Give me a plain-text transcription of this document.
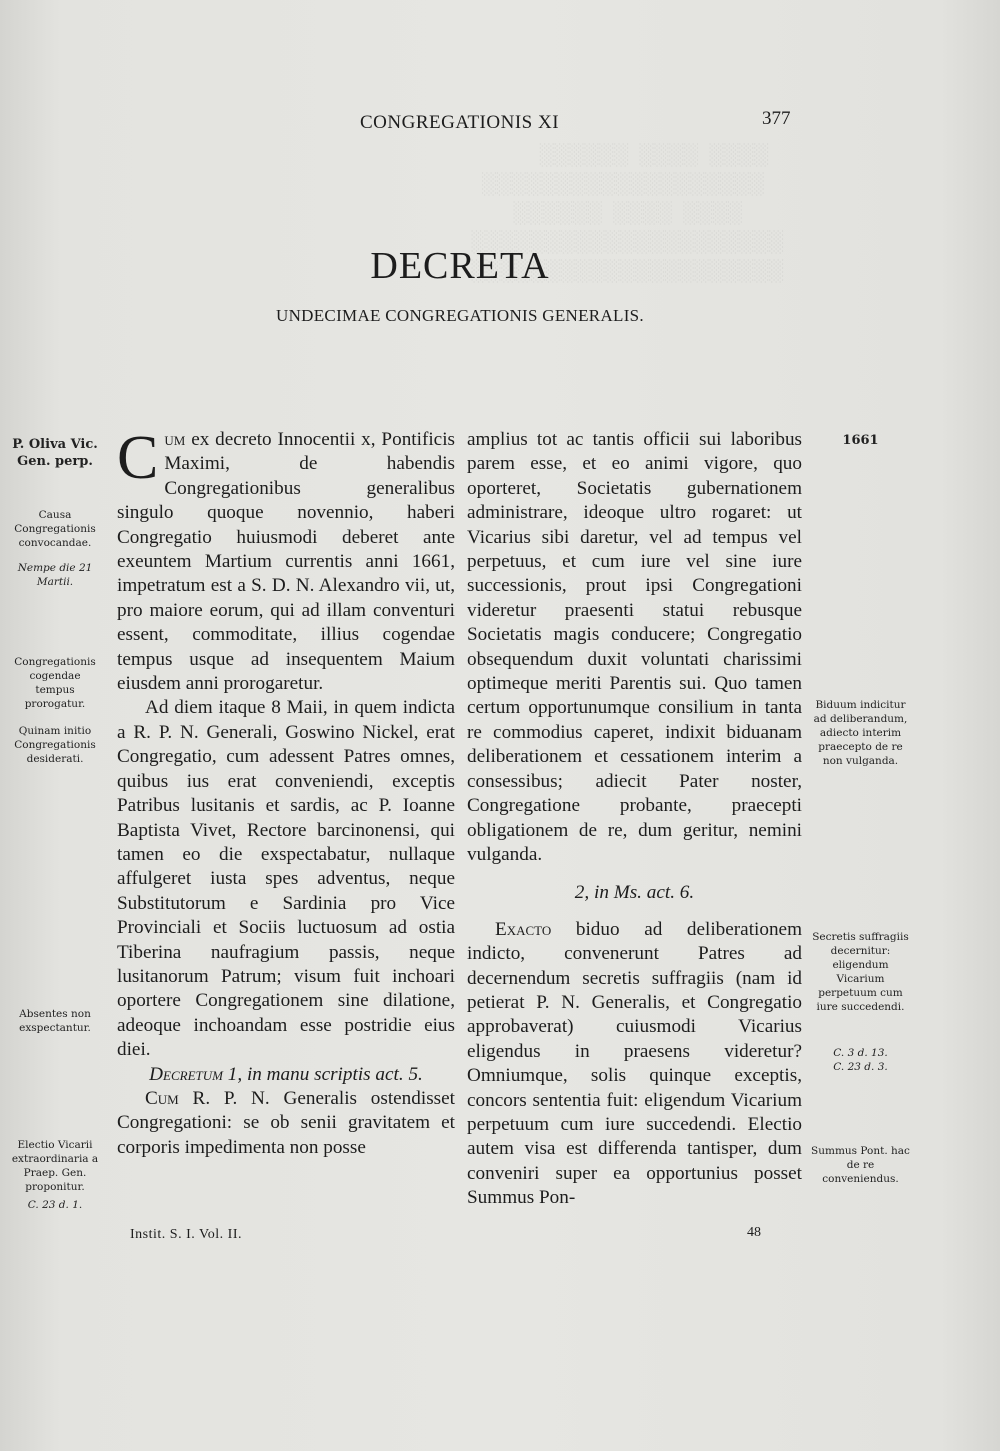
░░░░░░  ░░░░  ░░░░
░░░░░░░░░░░░░░░░░░░
░░░░░░  ░░░░  ░░░░
░░░░░░░░░░░░░░░░░░░░░
░░░░░░░░░░░░░░░░░░░░░
CONGREGATIONIS XI	377
DECRETA
UNDECIMAE CONGREGATIONIS GENERALIS.

Cum ex decreto Innocentii x, Pontificis Maximi, de habendis Congregationibus generalibus singulo quoque novennio, haberi Congregatio huiusmodi deberet ante exeuntem Martium currentis anni 1661, impetratum est a S. D. N. Alexandro vii, ut, pro maiore eorum, qui ad illam conventuri essent, commoditate, illius cogendae tempus usque ad insequentem Maium eiusdem anni prorogaretur.

Ad diem itaque 8 Maii, in quem indicta a R. P. N. Generali, Goswino Nickel, erat Congregatio, cum adessent Patres omnes, quibus ius erat conveniendi, exceptis Patribus lusitanis et sardis, ac P. Ioanne Baptista Vivet, Rectore barcinonensi, qui tamen eo die exspectabatur, nullaque affulgeret iusta spes adventus, neque Substitutorum e Sardinia pro Vice Provinciali et Sociis luctuosum ad ostia Tiberina naufragium passis, neque lusitanorum Patrum; visum fuit inchoari oportere Congregationem sine dilatione, adeoque inchoandam esse postridie eius diei.

Decretum 1, in manu scriptis act. 5.

Cum R. P. N. Generalis ostendisset Congregationi: se ob senii gravitatem et corporis impedimenta non posse

amplius tot ac tantis officii sui laboribus parem esse, et eo animi vigore, quo oporteret, Societatis gubernationem administrare, ideoque ultro rogaret: ut Vicarius sibi daretur, vel ad tempus vel perpetuus, et cum iure vel sine iure successionis, prout ipsi Congregationi videretur praesenti statui rebusque Societatis magis conducere; Congregatio obsequendum duxit voluntati charissimi optimeque meriti Parentis sui. Quo tamen certum opportunumque consilium in tanta re commodius caperet, indixit biduanam deliberationem et cessationem interim a consessibus; adiecit Pater noster, Congregatione probante, praecepti obligationem de re, dum geritur, nemini vulganda.

2, in Ms. act. 6.

Exacto biduo ad deliberationem indicto, convenerunt Patres ad decernendum secretis suffragiis (nam id petierat P. N. Generalis, et Congregatio approbaverat) cuiusmodi Vicarius eligendus in praesens videretur? Omniumque, solis quinque exceptis, concors sententia fuit: eligendum Vicarium perpetuum cum iure succedendi. Electio autem visa est differenda tantisper, dum conveniri super ea opportunius posset Summus Pon-

P. Oliva Vic. Gen. perp.
Causa Congregationis convocandae.
Nempe die 21 Martii.
Congregationis cogendae tempus prorogatur.
Quinam initio Congregationis desiderati.
Absentes non exspectantur.
Electio Vicarii extraordinaria a Praep. Gen. proponitur.
C. 23 d. 1.
1661
Biduum indicitur ad deliberandum, adiecto interim praecepto de re non vulganda.
Secretis suffragiis decernitur: eligendum Vicarium perpetuum cum iure succedendi.
C. 3 d. 13.
C. 23 d. 3.
Summus Pont. hac de re conveniendus.
Instit. S. I. Vol. II.	48
